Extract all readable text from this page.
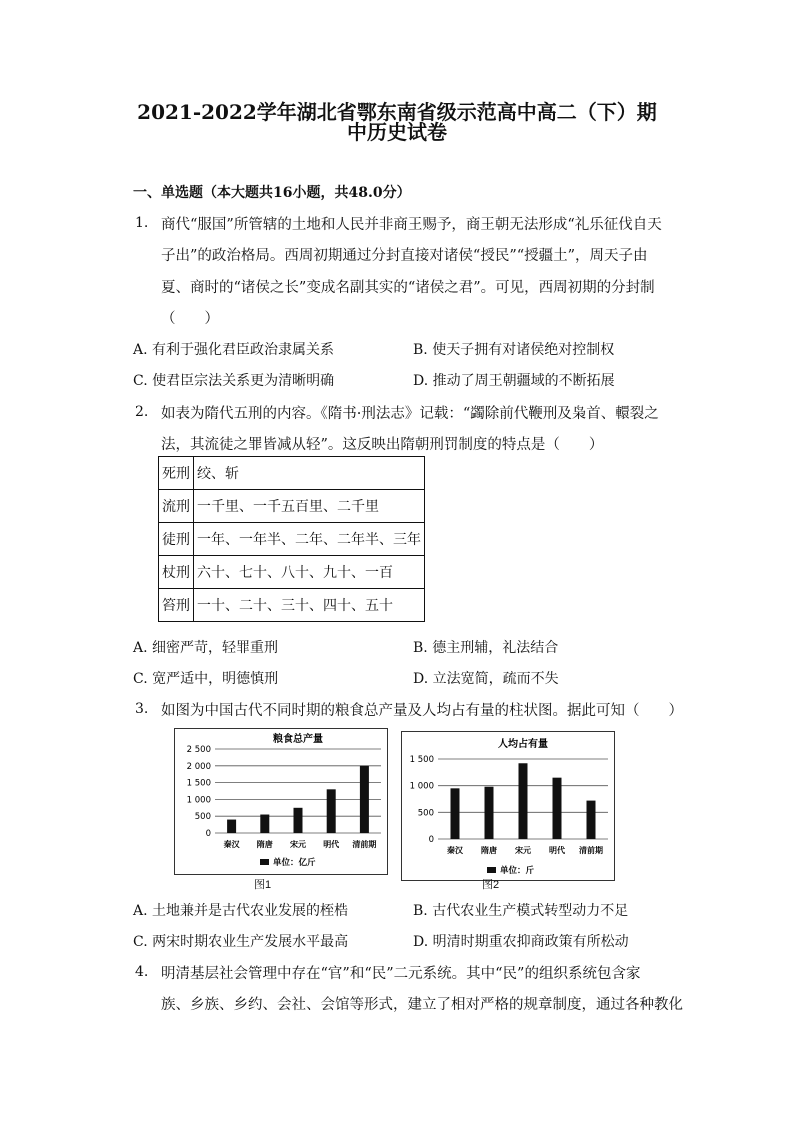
2021-2022学年湖北省鄂东南省级示范高中高二（下）期
中历史试卷
一、单选题（本大题共16小题，共48.0分）
1. 商代“服国”所管辖的土地和人民并非商王赐予，商王朝无法形成“礼乐征伐自天
子出”的政治格局。西周初期通过分封直接对诸侯“授民”“授疆土”，周天子由
夏、商时的“诸侯之长”变成名副其实的“诸侯之君”。可见，西周初期的分封制
（　　）
A. 有利于强化君臣政治隶属关系	B. 使天子拥有对诸侯绝对控制权
C. 使君臣宗法关系更为清晰明确	D. 推动了周王朝疆域的不断拓展
2. 如表为隋代五刑的内容。《隋书·刑法志》记载：“蠲除前代鞭刑及枭首、轘裂之
法，其流徒之罪皆减从轻”。这反映出隋朝刑罚制度的特点是（　　）
死刑	绞、斩
流刑	一千里、一千五百里、二千里
徒刑	一年、一年半、二年、二年半、三年
杖刑	六十、七十、八十、九十、一百
笞刑	一十、二十、三十、四十、五十
A. 细密严苛，轻罪重刑	B. 德主刑辅，礼法结合
C. 宽严适中，明德慎刑	D. 立法宽简，疏而不失
3. 如图为中国古代不同时期的粮食总产量及人均占有量的柱状图。据此可知（　　）
粮食总产量
0
500
1 000
1 500
2 000
2 500
秦汉 隋唐 宋元 明代 清前期
单位：亿斤
图1
人均占有量
0
500
1 000
1 500
秦汉 隋唐 宋元 明代 清前期
单位：斤
图2
A. 土地兼并是古代农业发展的桎梏	B. 古代农业生产模式转型动力不足
C. 两宋时期农业生产发展水平最高	D. 明清时期重农抑商政策有所松动
4. 明清基层社会管理中存在“官”和“民”二元系统。其中“民”的组织系统包含家
族、乡族、乡约、会社、会馆等形式，建立了相对严格的规章制度，通过各种教化
